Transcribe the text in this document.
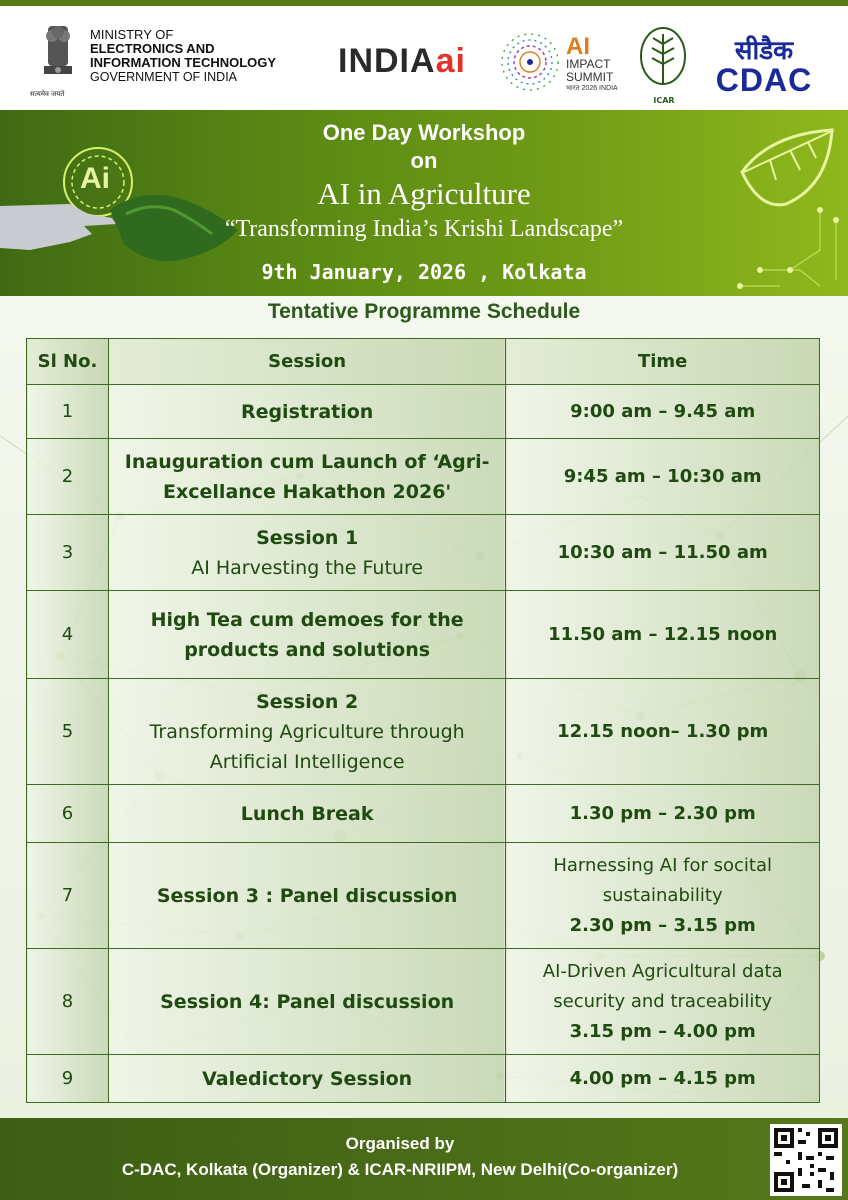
सत्यमेव जयते
MINISTRY OF
ELECTRONICS AND
INFORMATION TECHNOLOGY
GOVERNMENT OF INDIA	INDIAai	AI
IMPACT
SUMMIT
भारत 2026 INDIA
ICAR
सीडैक
CDAC
Ai
One Day Workshop
on
AI in Agriculture
“Transforming India’s Krishi Landscape”
9th January, 2026 , Kolkata
Tentative Programme Schedule
Sl No.	Session	Time
1	Registration	9:00 am – 9.45 am
2	Inauguration cum Launch of ‘Agri-Excellance Hakathon 2026'	9:45 am – 10:30 am
3	Session 1
AI Harvesting the Future	10:30 am – 11.50 am
4	High Tea cum demoes for the products and solutions	11.50 am – 12.15 noon
5	Session 2
Transforming Agriculture through Artificial Intelligence	12.15 noon– 1.30 pm
6	Lunch Break	1.30 pm – 2.30 pm
7	Session 3 : Panel discussion	Harnessing AI for socital sustainability
2.30 pm – 3.15 pm

8	Session 4: Panel discussion	AI-Driven Agricultural data security and traceability
3.15 pm – 4.00 pm

9	Valedictory Session	4.00 pm – 4.15 pm
Organised by
C-DAC, Kolkata (Organizer) & ICAR-NRIIPM, New Delhi(Co-organizer)
